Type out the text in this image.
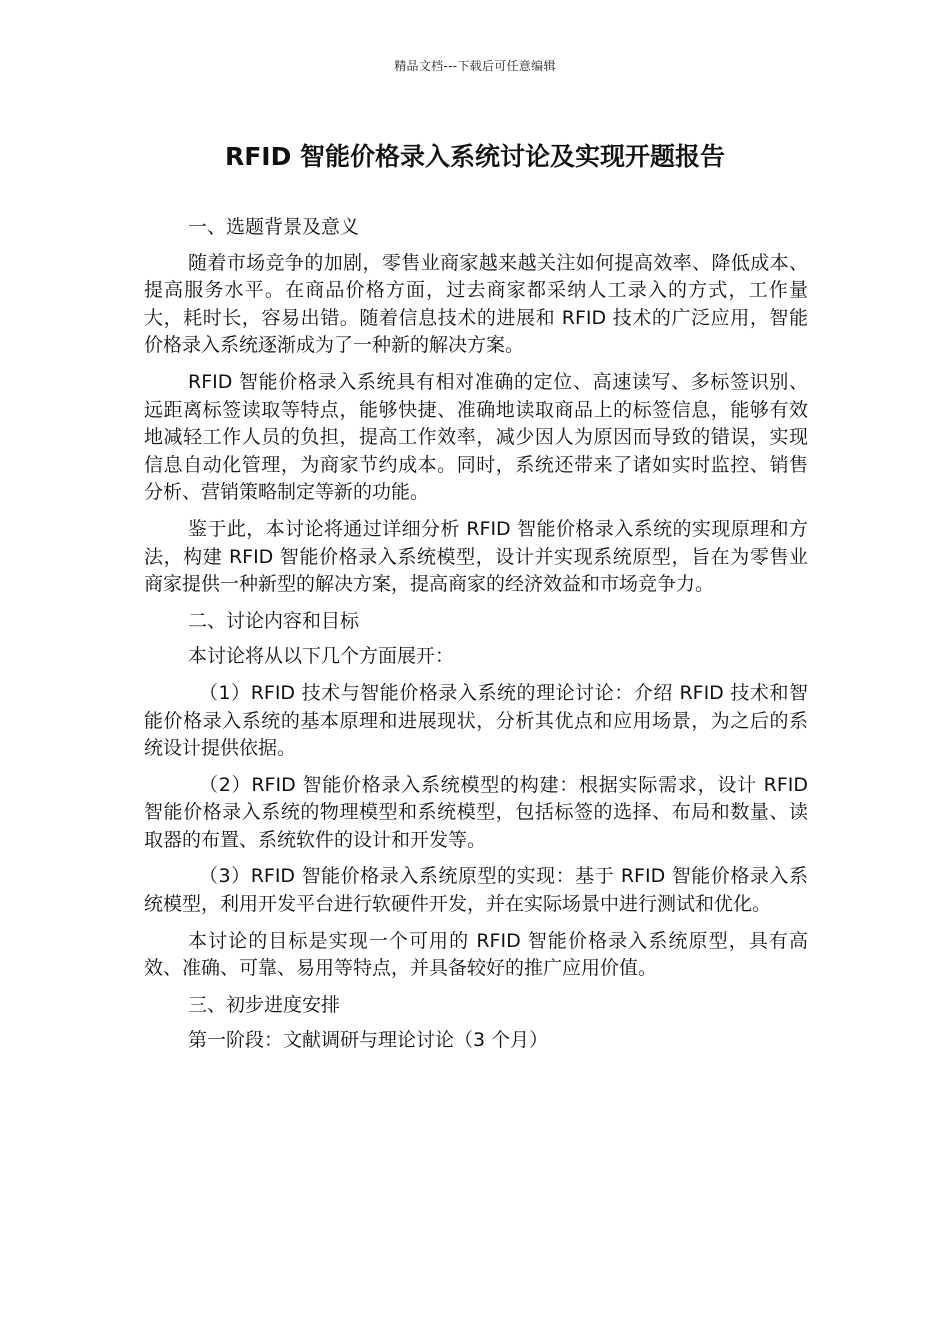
精品文档---下载后可任意编辑
RFID 智能价格录入系统讨论及实现开题报告

一、选题背景及意义

随着市场竞争的加剧，零售业商家越来越关注如何提高效率、降低成本、提高服务水平。在商品价格方面，过去商家都采纳人工录入的方式，工作量大，耗时长，容易出错。随着信息技术的进展和 RFID 技术的广泛应用，智能价格录入系统逐渐成为了一种新的解决方案。

RFID 智能价格录入系统具有相对准确的定位、高速读写、多标签识别、远距离标签读取等特点，能够快捷、准确地读取商品上的标签信息，能够有效地减轻工作人员的负担，提高工作效率，减少因人为原因而导致的错误，实现信息自动化管理，为商家节约成本。同时，系统还带来了诸如实时监控、销售分析、营销策略制定等新的功能。

鉴于此，本讨论将通过详细分析 RFID 智能价格录入系统的实现原理和方法，构建 RFID 智能价格录入系统模型，设计并实现系统原型，旨在为零售业商家提供一种新型的解决方案，提高商家的经济效益和市场竞争力。

二、讨论内容和目标

本讨论将从以下几个方面展开：

（1）RFID 技术与智能价格录入系统的理论讨论：介绍 RFID 技术和智能价格录入系统的基本原理和进展现状，分析其优点和应用场景，为之后的系统设计提供依据。

（2）RFID 智能价格录入系统模型的构建：根据实际需求，设计 RFID 智能价格录入系统的物理模型和系统模型，包括标签的选择、布局和数量、读取器的布置、系统软件的设计和开发等。

（3）RFID 智能价格录入系统原型的实现：基于 RFID 智能价格录入系统模型，利用开发平台进行软硬件开发，并在实际场景中进行测试和优化。

本讨论的目标是实现一个可用的 RFID 智能价格录入系统原型，具有高效、准确、可靠、易用等特点，并具备较好的推广应用价值。

三、初步进度安排

第一阶段：文献调研与理论讨论（3 个月）
